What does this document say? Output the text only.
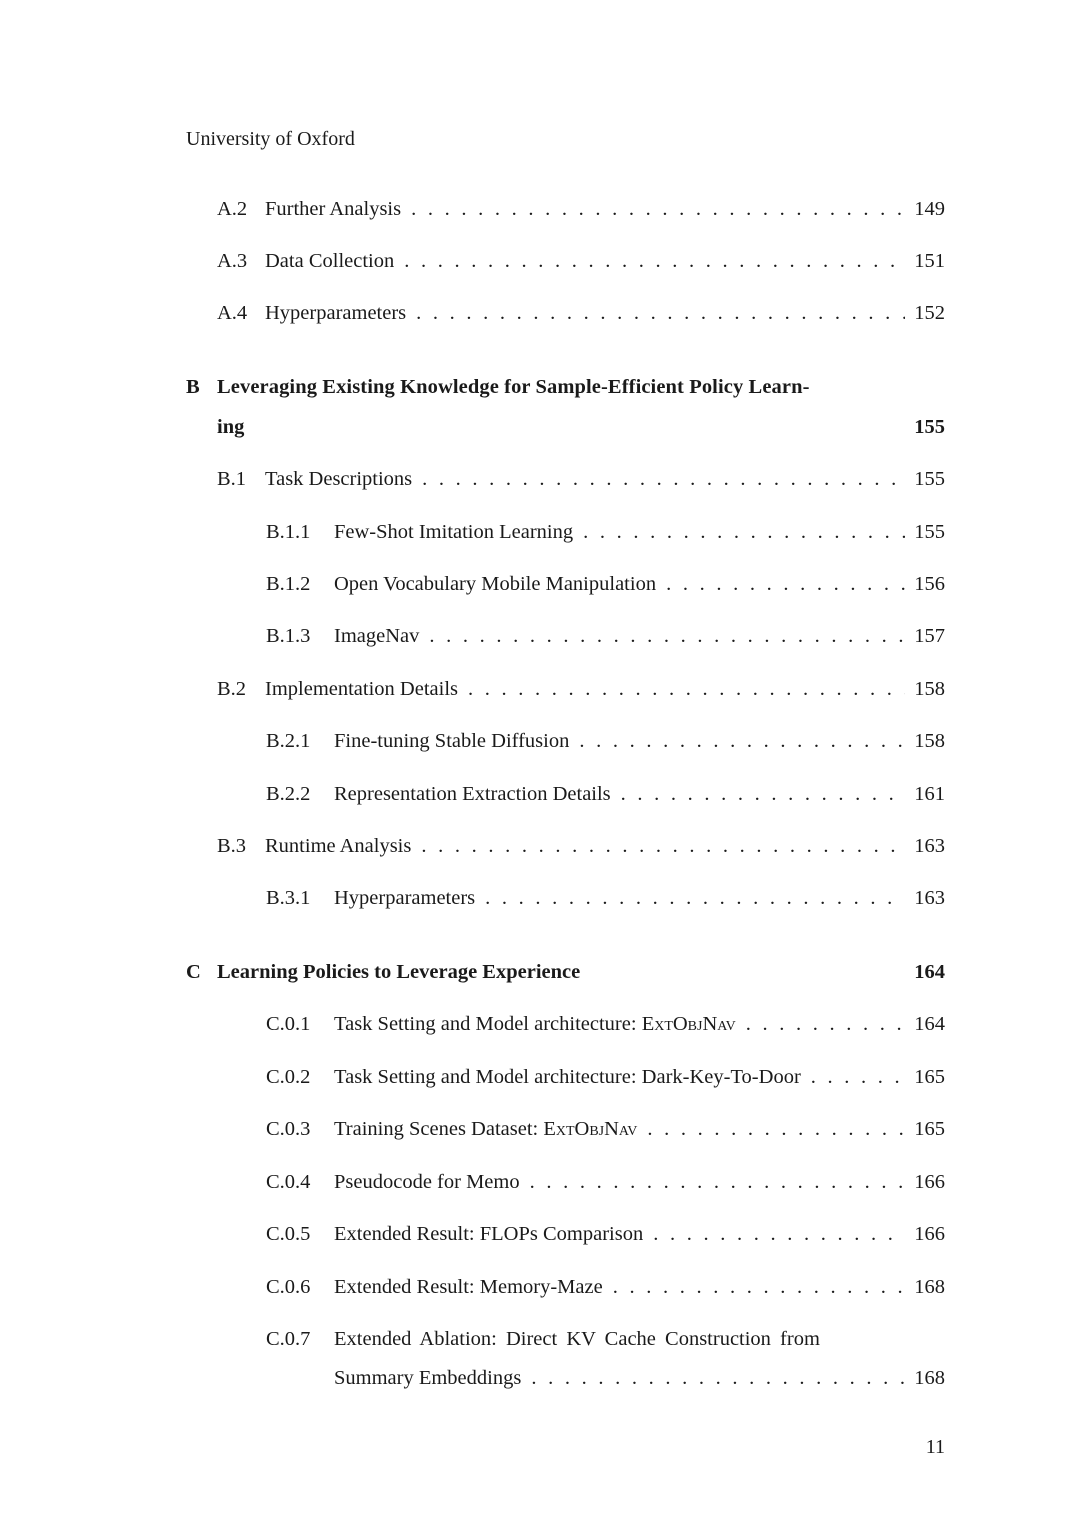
University of Oxford
A.2 Further Analysis . . .	149
A.3 Data Collection . . .	151
A.4 Hyperparameters . . .	152
B Leveraging Existing Knowledge for Sample-Efficient Policy Learn-
ing	155
B.1 Task Descriptions . . .	155
B.1.1	Few-Shot Imitation Learning . . .	155
B.1.2	Open Vocabulary Mobile Manipulation . . .	156
B.1.3	ImageNav . . .	157
B.2 Implementation Details . . .	158
B.2.1	Fine-tuning Stable Diffusion . . .	158
B.2.2	Representation Extraction Details . . .	161
B.3 Runtime Analysis . . .	163
B.3.1	Hyperparameters . . .	163
C Learning Policies to Leverage Experience	164
C.0.1	Task Setting and Model architecture: ExtObjNav . . .	164
C.0.2	Task Setting and Model architecture: Dark-Key-To-Door . . .	165
C.0.3	Training Scenes Dataset: ExtObjNav . . .	165
C.0.4	Pseudocode for Memo . . .	166
C.0.5	Extended Result: FLOPs Comparison . . .	166
C.0.6	Extended Result: Memory-Maze . . .	168
C.0.7	Extended Ablation: Direct KV Cache Construction from
Summary Embeddings . . .	168
11
